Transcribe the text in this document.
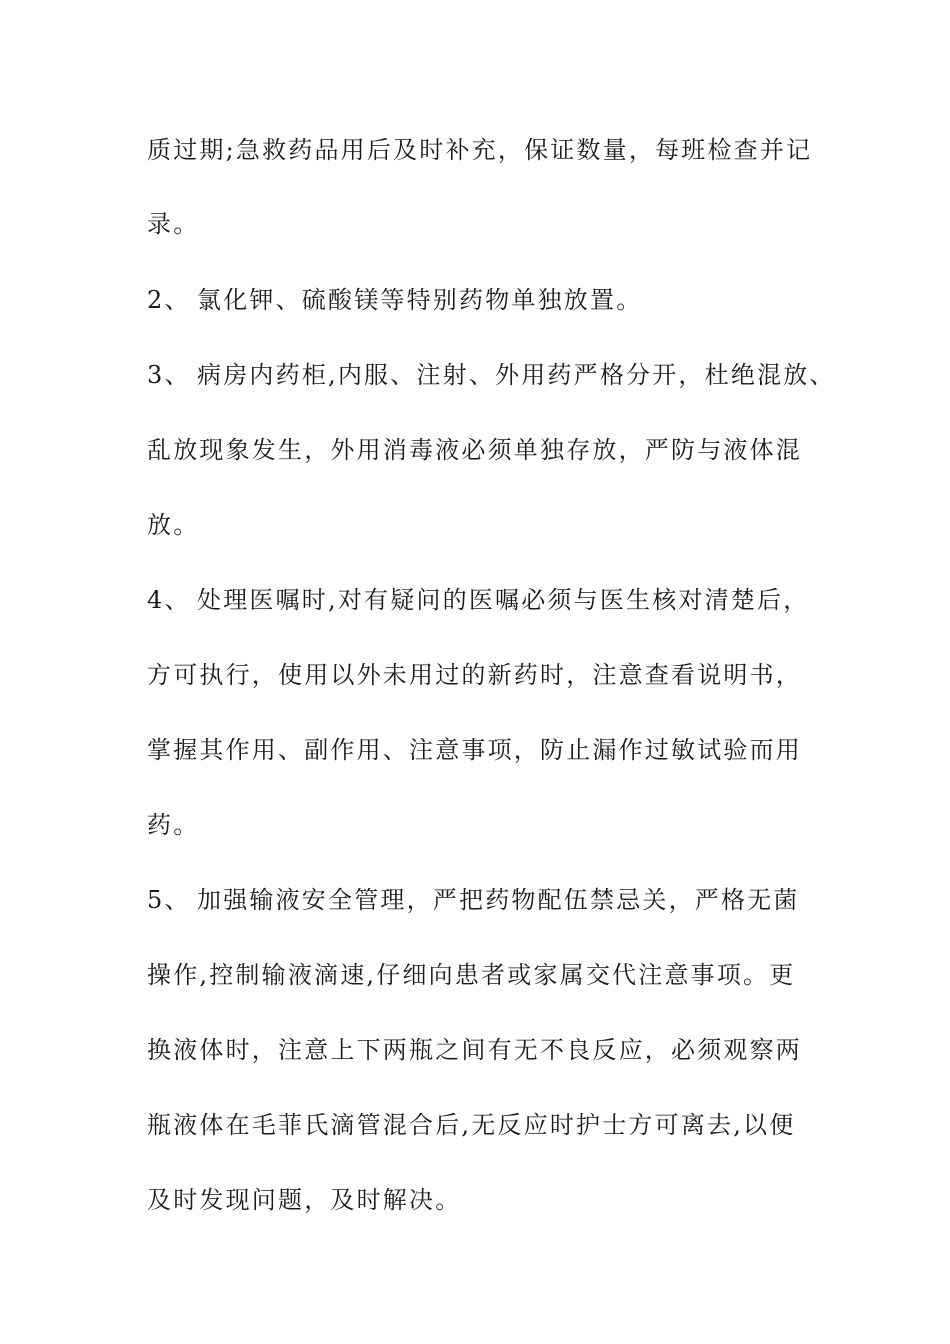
质过期;急救药品用后及时补充，保证数量，每班检查并记
录。
2、 氯化钾、硫酸镁等特别药物单独放置。
3、 病房内药柜,内服、注射、外用药严格分开，杜绝混放、
乱放现象发生，外用消毒液必须单独存放，严防与液体混
放。
4、 处理医嘱时,对有疑问的医嘱必须与医生核对清楚后，
方可执行，使用以外未用过的新药时，注意查看说明书，
掌握其作用、副作用、注意事项，防止漏作过敏试验而用
药。
5、 加强输液安全管理，严把药物配伍禁忌关，严格无菌
操作,控制输液滴速,仔细向患者或家属交代注意事项。更
换液体时，注意上下两瓶之间有无不良反应，必须观察两
瓶液体在毛菲氏滴管混合后,无反应时护士方可离去,以便
及时发现问题，及时解决。
